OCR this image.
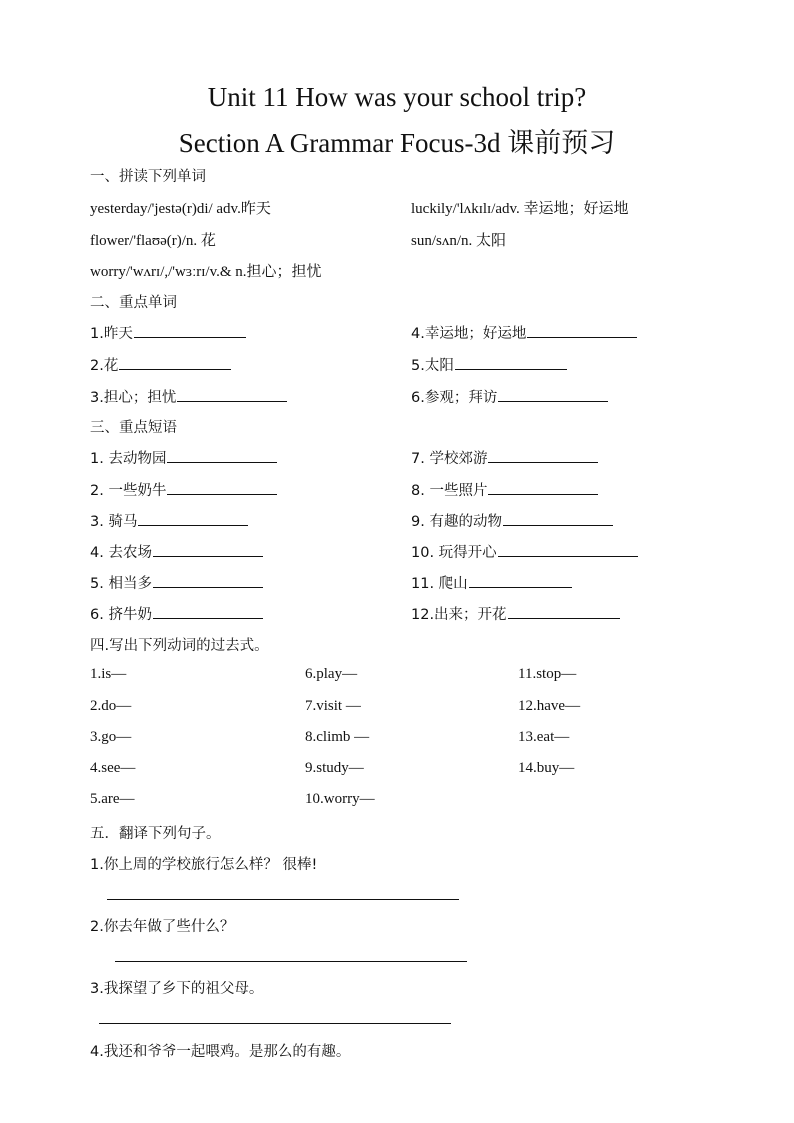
Unit 11 How was your school trip?
Section A Grammar Focus-3d 课前预习
一、拼读下列单词
yesterday/'jestə(r)di/ adv.昨天	luckily/'lʌkɪlɪ/adv. 幸运地；好运地
flower/'flaʊə(r)/n. 花	sun/sʌn/n. 太阳
worry/'wʌrɪ/,/'wɜːrɪ/v.& n.担心；担忧
二、重点单词
1.昨天	4.幸运地；好运地
2.花	5.太阳
3.担心；担忧	6.参观；拜访
三、重点短语
1. 去动物园	7. 学校郊游
2. 一些奶牛	8. 一些照片
3. 骑马	9. 有趣的动物
4. 去农场	10. 玩得开心
5. 相当多	11. 爬山
6. 挤牛奶	12.出来；开花
四.写出下列动词的过去式。
1.is—	6.play—	11.stop—
2.do—	7.visit —	12.have—
3.go—	8.climb —	13.eat—
4.see—	9.study—	14.buy—
5.are—	10.worry—
五．翻译下列句子。
1.你上周的学校旅行怎么样？ 很棒!
2.你去年做了些什么？
3.我探望了乡下的祖父母。
4.我还和爷爷一起喂鸡。是那么的有趣。
